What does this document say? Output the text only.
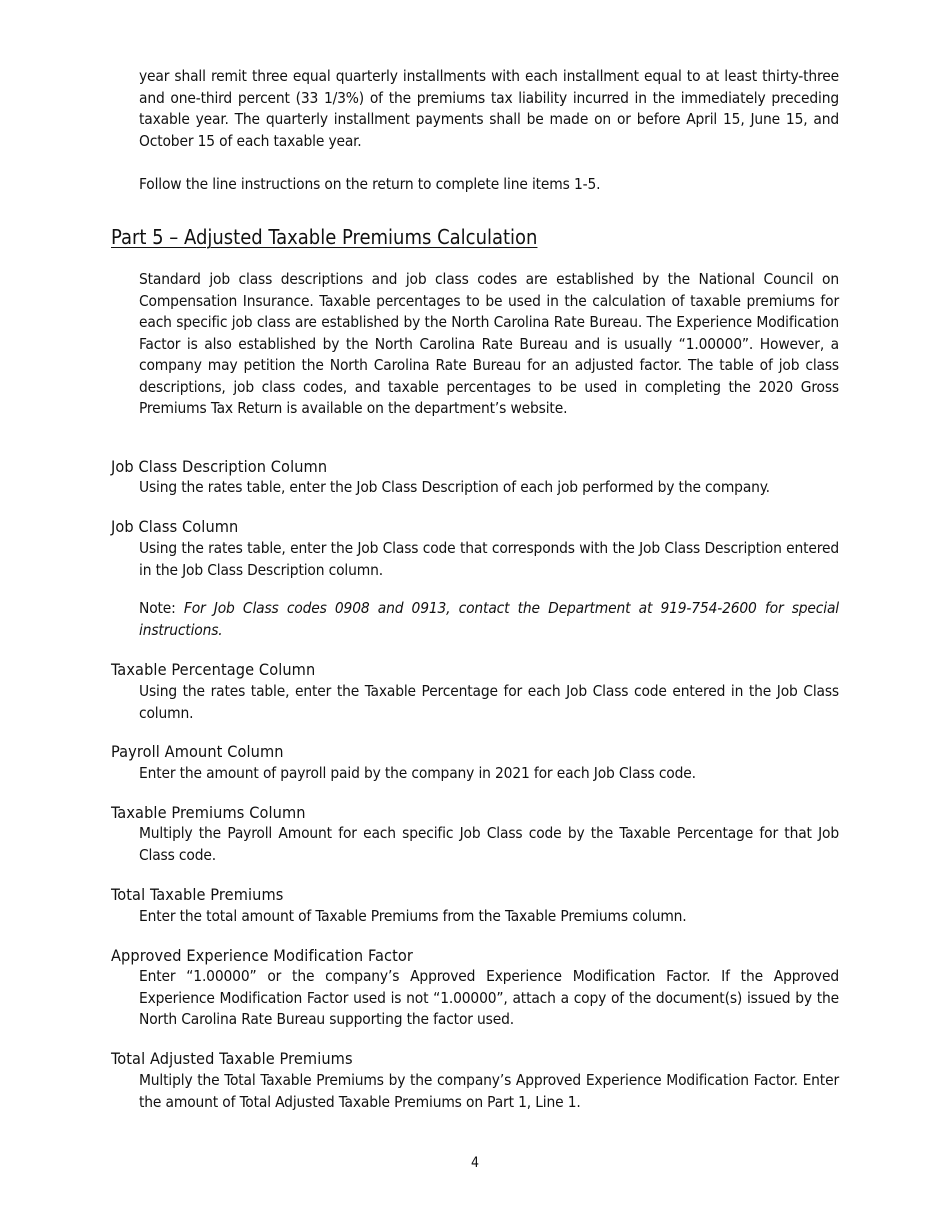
year shall remit three equal quarterly installments with each installment equal to at least thirty-three and one-third percent (33 1/3%) of the premiums tax liability incurred in the immediately preceding taxable year. The quarterly installment payments shall be made on or before April 15, June 15, and October 15 of each taxable year.

Follow the line instructions on the return to complete line items 1-5.

Part 5 – Adjusted Taxable Premiums Calculation

Standard job class descriptions and job class codes are established by the National Council on Compensation Insurance. Taxable percentages to be used in the calculation of taxable premiums for each specific job class are established by the North Carolina Rate Bureau. The Experience Modification Factor is also established by the North Carolina Rate Bureau and is usually “1.00000”. However, a company may petition the North Carolina Rate Bureau for an adjusted factor. The table of job class descriptions, job class codes, and taxable percentages to be used in completing the 2020 Gross Premiums Tax Return is available on the department’s website.

Job Class Description Column

Using the rates table, enter the Job Class Description of each job performed by the company.

Job Class Column

Using the rates table, enter the Job Class code that corresponds with the Job Class Description entered in the Job Class Description column.

Note: For Job Class codes 0908 and 0913, contact the Department at 919-754-2600 for special instructions.

Taxable Percentage Column

Using the rates table, enter the Taxable Percentage for each Job Class code entered in the Job Class column.

Payroll Amount Column

Enter the amount of payroll paid by the company in 2021 for each Job Class code.

Taxable Premiums Column

Multiply the Payroll Amount for each specific Job Class code by the Taxable Percentage for that Job Class code.

Total Taxable Premiums

Enter the total amount of Taxable Premiums from the Taxable Premiums column.

Approved Experience Modification Factor

Enter “1.00000” or the company’s Approved Experience Modification Factor. If the Approved Experience Modification Factor used is not “1.00000”, attach a copy of the document(s) issued by the North Carolina Rate Bureau supporting the factor used.

Total Adjusted Taxable Premiums

Multiply the Total Taxable Premiums by the company’s Approved Experience Modification Factor. Enter the amount of Total Adjusted Taxable Premiums on Part 1, Line 1.

4
